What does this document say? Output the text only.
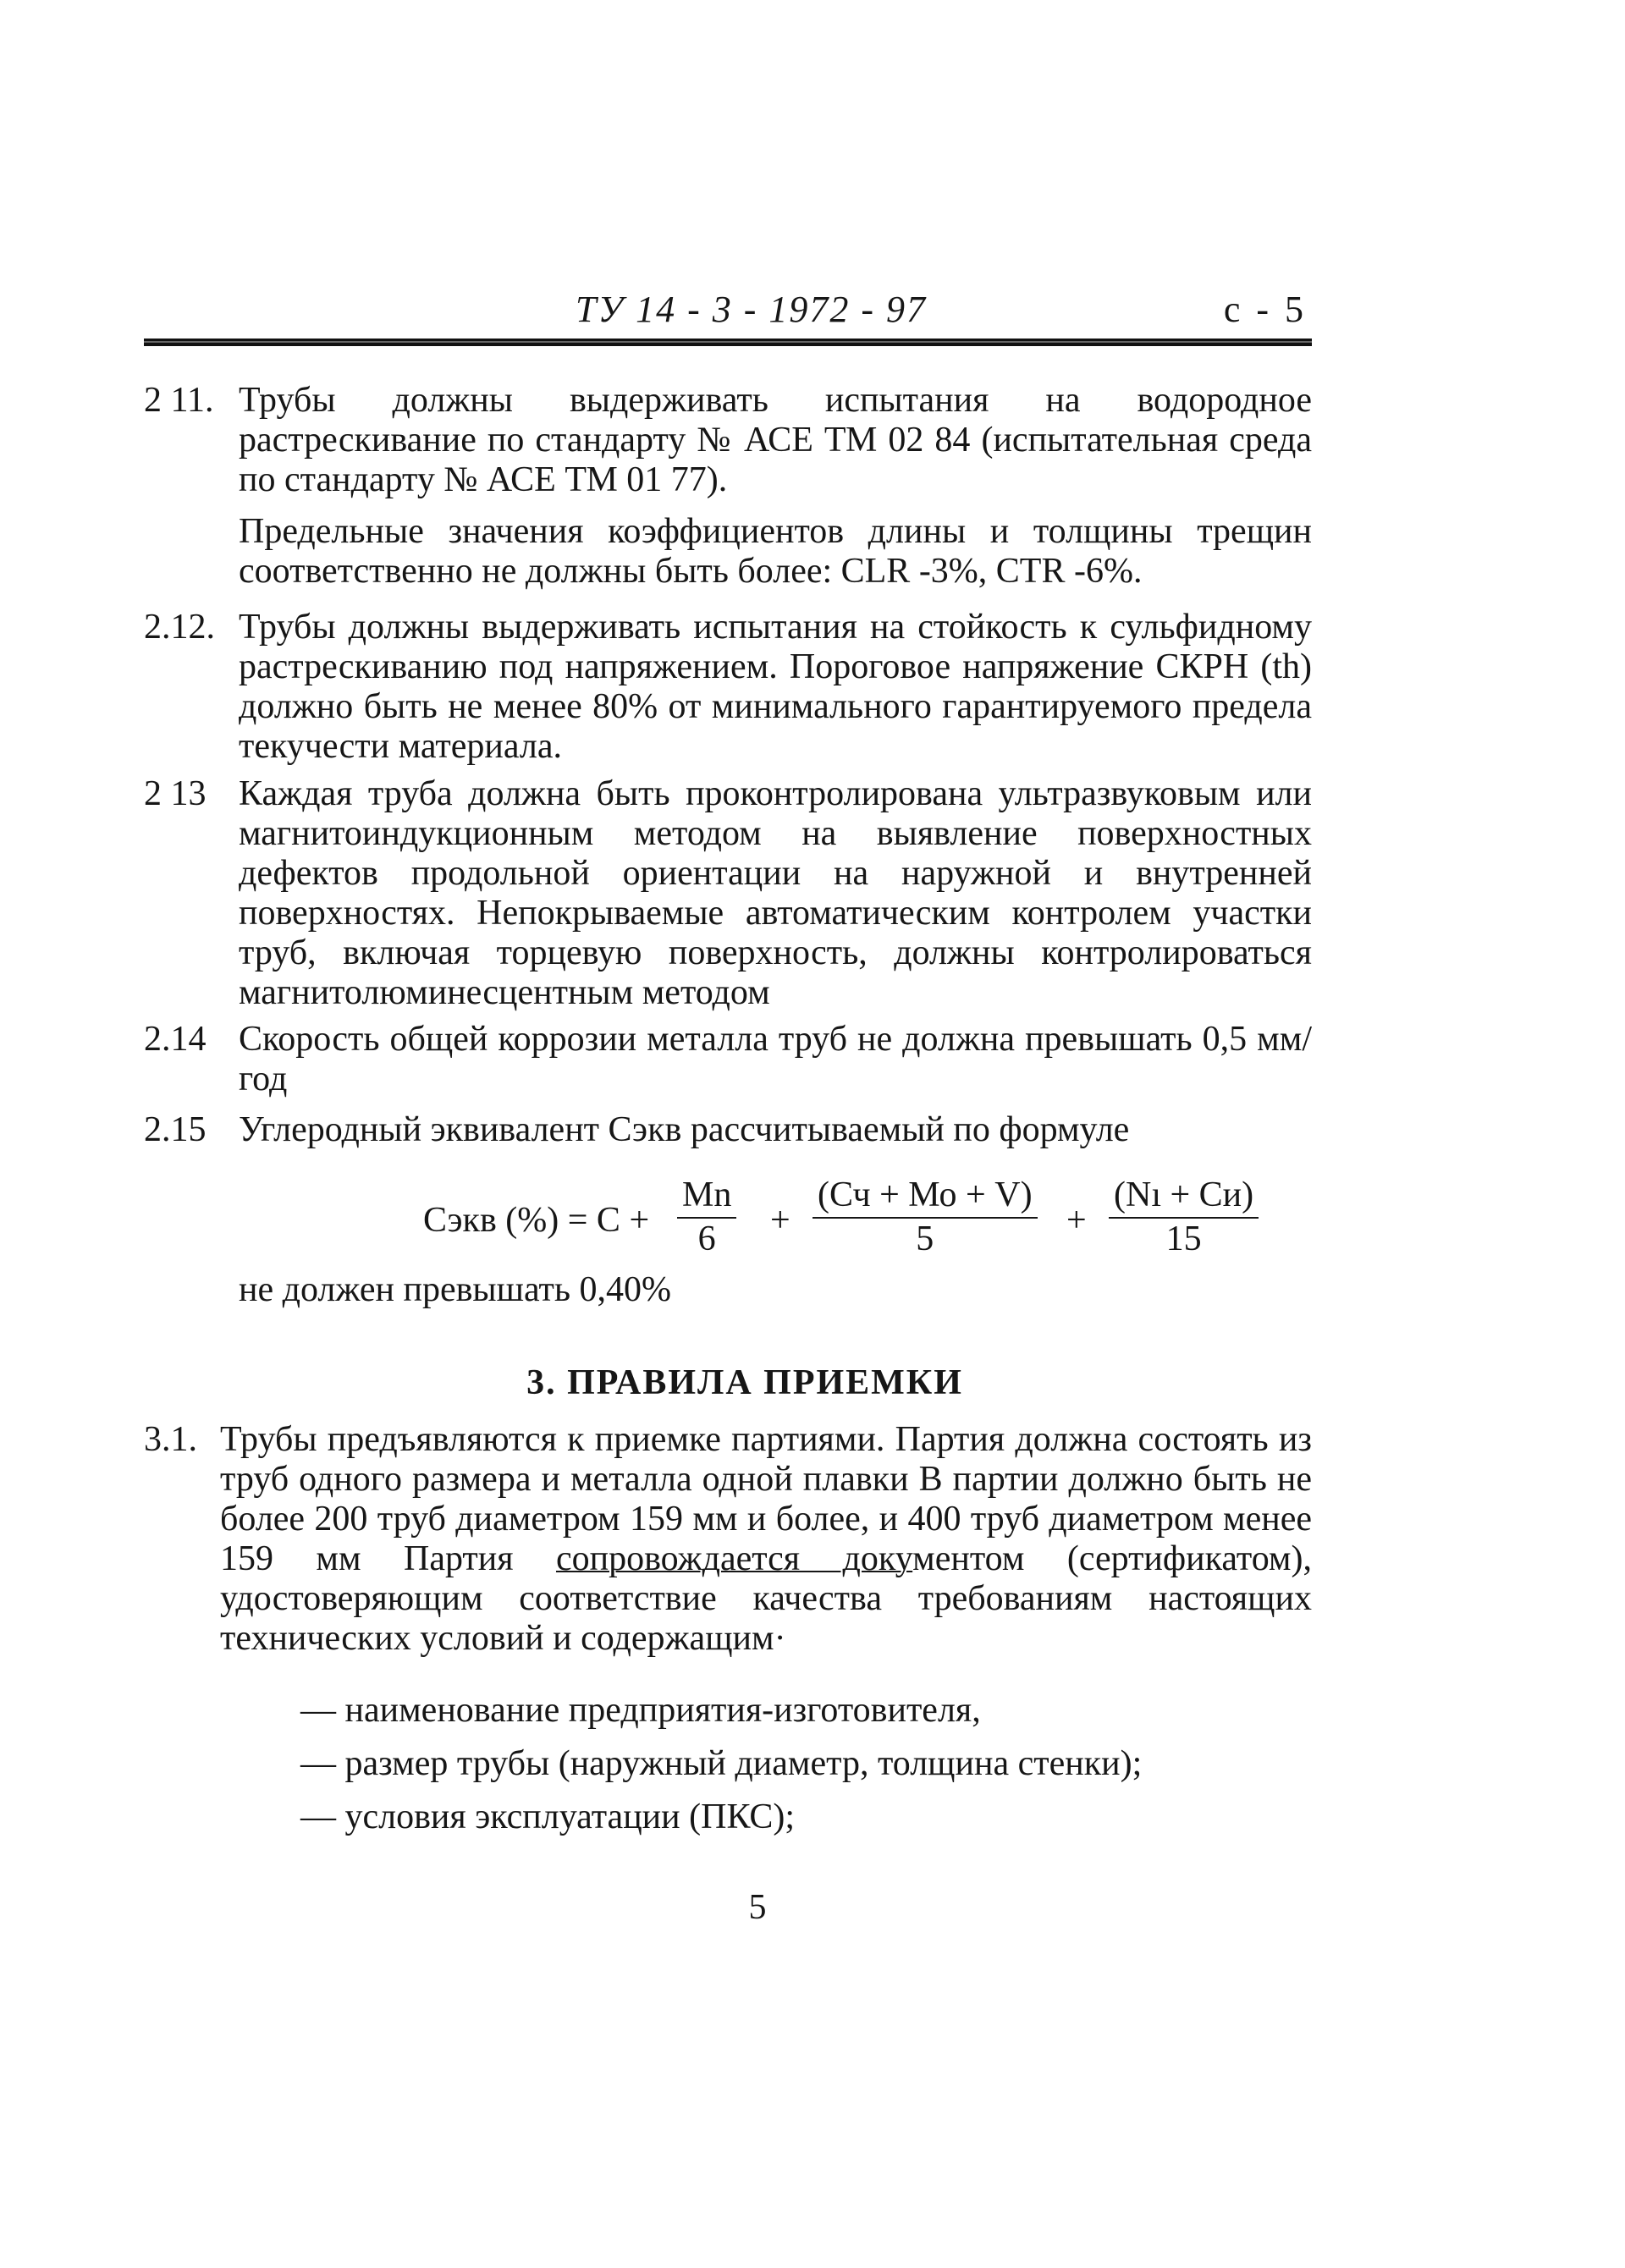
ТУ 14 - 3 - 1972 - 97	с - 5
2 11. Трубы должны выдерживать испытания на водородное растрескивание по стандарту № АСЕ ТМ 02 84 (испытательная среда по стандарту № АСЕ ТМ 01 77).
Предельные значения коэффициентов длины и толщины трещин соответственно не должны быть более: CLR -3%, CTR -6%.
2.12. Трубы должны выдерживать испытания на стойкость к сульфидному растрескиванию под напряжением. Пороговое напряжение СКРН (th) должно быть не менее 80% от минимального гарантируемого предела текучести материала.
2 13 Каждая труба должна быть проконтролирована ультразвуковым или магнитоиндукционным методом на выявление поверхностных дефектов продольной ориентации на наружной и внутренней поверхностях. Непокрываемые автоматическим контролем участки труб, включая торцевую поверхность, должны контролироваться магнитолюминесцентным методом
2.14 Скорость общей коррозии металла труб не должна превышать 0,5 мм/год
2.15 Углеродный эквивалент Сэкв рассчитываемый по формуле
Сэкв (%) = $С + \frac{Mn}{6}$ +
(Сч + Мо + V)
5	+
(Nı + Cи)
15
не должен превышать 0,40%
3. ПРАВИЛА ПРИЕМКИ
3.1. Трубы предъявляются к приемке партиями. Партия должна состоять из труб одного размера и металла одной плавки В партии должно быть не более 200 труб диаметром 159 мм и более, и 400 труб диаметром менее 159 мм Партия сопровождается документом (сертификатом), удостоверяющим соответствие качества требованиям настоящих технических условий и содержащим·
— наименование предприятия-изготовителя,
— размер трубы (наружный диаметр, толщина стенки);
— условия эксплуатации (ПКС);
5
